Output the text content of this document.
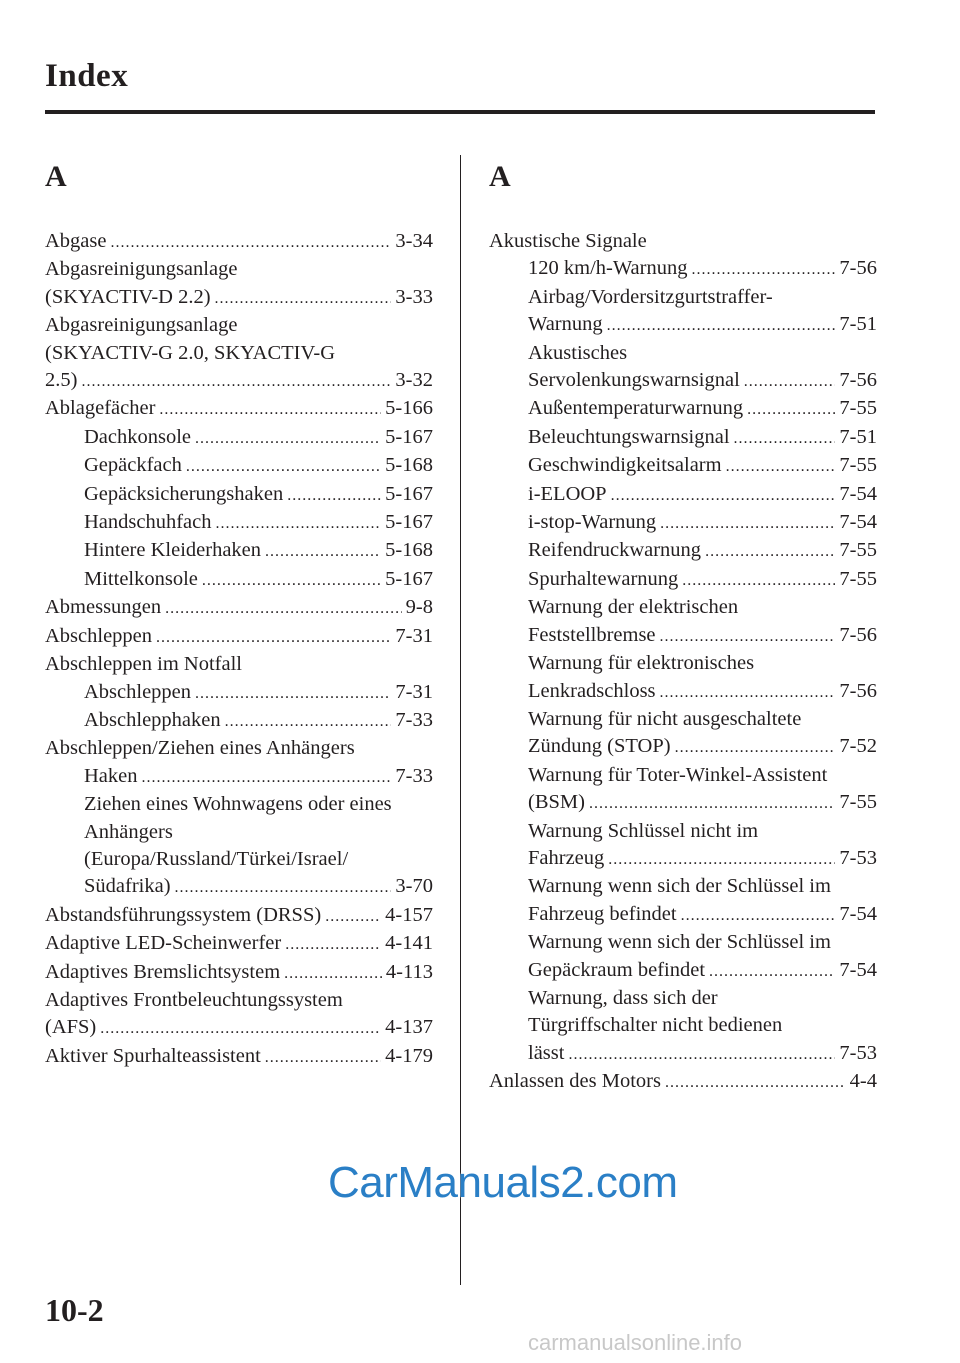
Index
A
Abgase .....	3-34
Abgasreinigungsanlage
(SKYACTIV-D 2.2) .....	3-33
Abgasreinigungsanlage
(SKYACTIV-G 2.0, SKYACTIV-G
2.5) .....	3-32
Ablagefächer .....	5-166
Dachkonsole .....	5-167
Gepäckfach .....	5-168
Gepäcksicherungshaken .....	5-167
Handschuhfach .....	5-167
Hintere Kleiderhaken .....	5-168
Mittelkonsole .....	5-167
Abmessungen .....	9-8
Abschleppen .....	7-31
Abschleppen im Notfall
Abschleppen .....	7-31
Abschlepphaken .....	7-33
Abschleppen/Ziehen eines Anhängers
Haken .....	7-33
Ziehen eines Wohnwagens oder eines
Anhängers
(Europa/Russland/Türkei/Israel/
Südafrika) .....	3-70
Abstandsführungssystem (DRSS) .....	4-157
Adaptive LED-Scheinwerfer .....	4-141
Adaptives Bremslichtsystem .....	4-113
Adaptives Frontbeleuchtungssystem
(AFS) .....	4-137
Aktiver Spurhalteassistent .....	4-179
A
Akustische Signale
120 km/h-Warnung .....	7-56
Airbag/Vordersitzgurtstraffer-
Warnung .....	7-51
Akustisches
Servolenkungswarnsignal .....	7-56
Außentemperaturwarnung .....	7-55
Beleuchtungswarnsignal .....	7-51
Geschwindigkeitsalarm .....	7-55
i-ELOOP .....	7-54
i-stop-Warnung .....	7-54
Reifendruckwarnung .....	7-55
Spurhaltewarnung .....	7-55
Warnung der elektrischen
Feststellbremse .....	7-56
Warnung für elektronisches
Lenkradschloss .....	7-56
Warnung für nicht ausgeschaltete
Zündung (STOP) .....	7-52
Warnung für Toter-Winkel-Assistent
(BSM) .....	7-55
Warnung Schlüssel nicht im
Fahrzeug .....	7-53
Warnung wenn sich der Schlüssel im
Fahrzeug befindet .....	7-54
Warnung wenn sich der Schlüssel im
Gepäckraum befindet .....	7-54
Warnung, dass sich der
Türgriffschalter nicht bedienen
lässt .....	7-53
Anlassen des Motors .....	4-4
CarManuals2.com
10-2
carmanualsonline.info
